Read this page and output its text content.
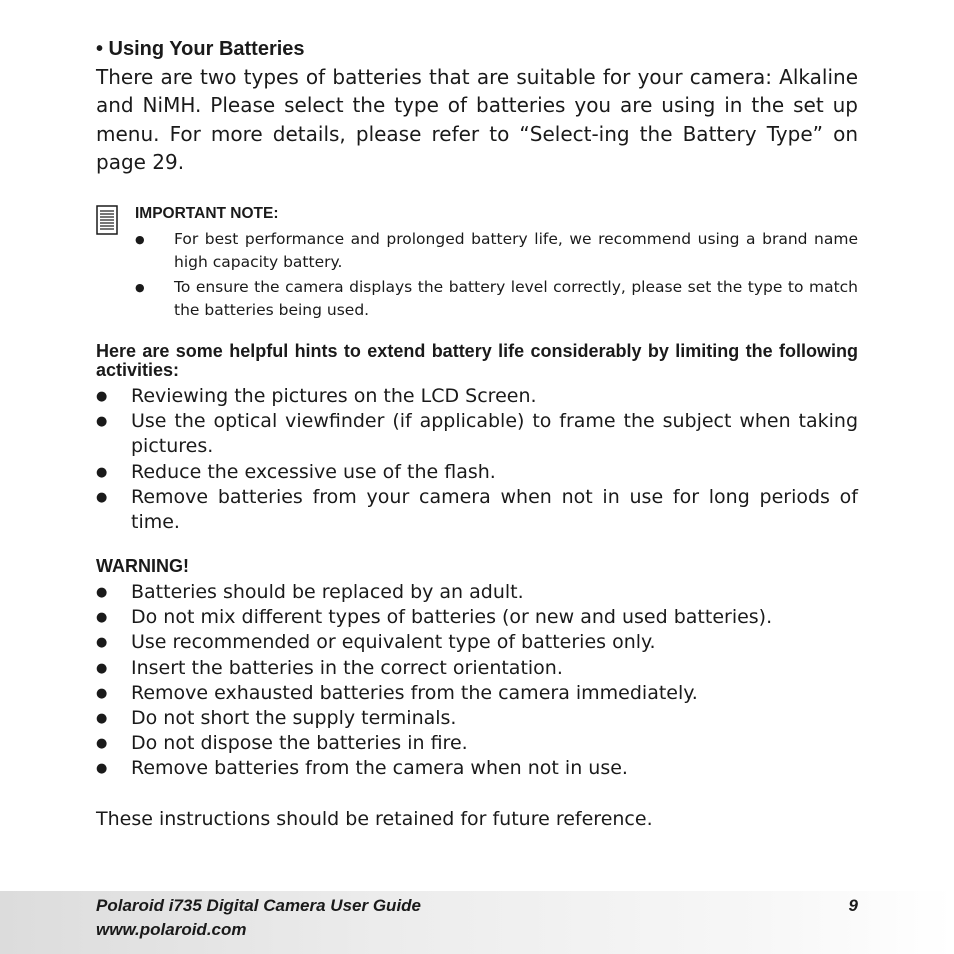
• Using Your Batteries
There are two types of batteries that are suitable for your camera: Alkaline and NiMH. Please select the type of batteries you are using in the set up menu. For more details, please refer to “Select-ing the Battery Type” on page 29.
IMPORTANT NOTE:
● For best performance and prolonged battery life, we recommend using a brand name high capacity battery.
● To ensure the camera displays the battery level correctly, please set the type to match the batteries being used.
Here are some helpful hints to extend battery life considerably by limiting the following activities:
● Reviewing the pictures on the LCD Screen.
● Use the optical viewfinder (if applicable) to frame the subject when taking pictures.
● Reduce the excessive use of the flash.
● Remove batteries from your camera when not in use for long periods of time.
WARNING!
● Batteries should be replaced by an adult.
● Do not mix different types of batteries (or new and used batteries).
● Use recommended or equivalent type of batteries only.
● Insert the batteries in the correct orientation.
● Remove exhausted batteries from the camera immediately.
● Do not short the supply terminals.
● Do not dispose the batteries in fire.
● Remove batteries from the camera when not in use.
These instructions should be retained for future reference.
Polaroid i735 Digital Camera User Guide
www.polaroid.com
9
